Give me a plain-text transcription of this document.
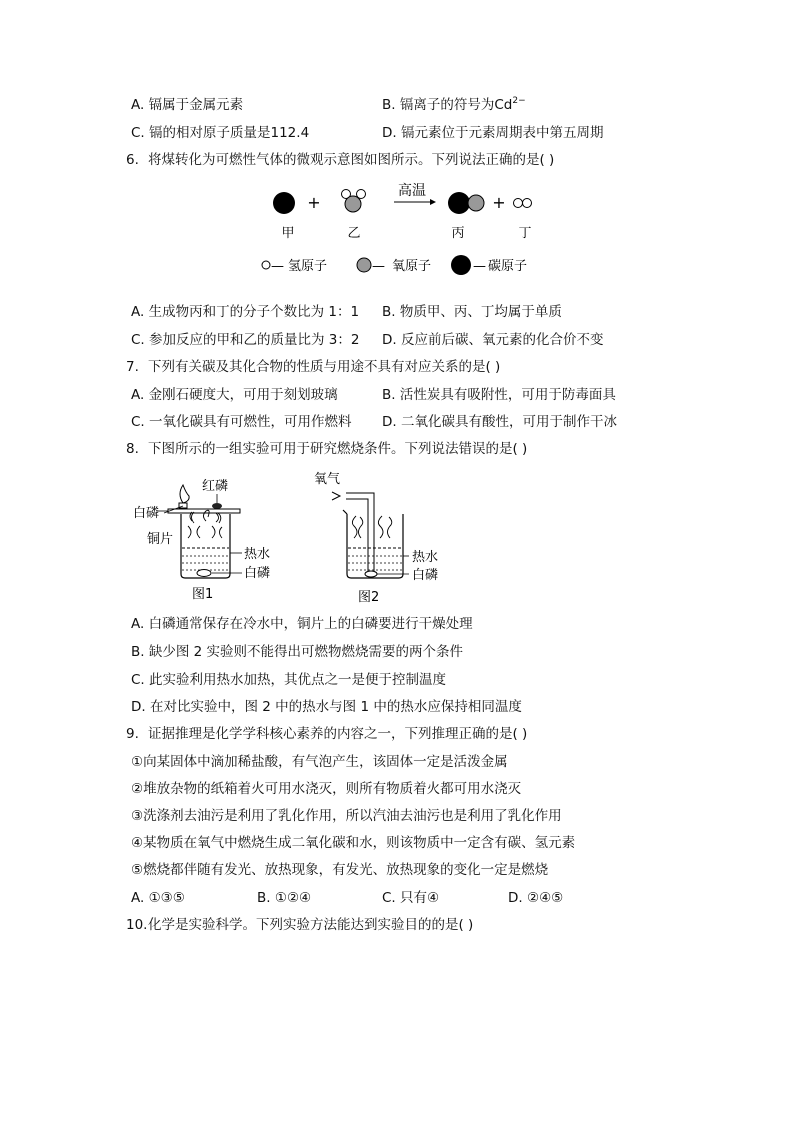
A. 镉属于金属元素	B. 镉离子的符号为$Cd^{2-}$
C. 镉的相对原子质量是112.4	D. 镉元素位于元素周期表中第五周期
6. 将煤转化为可燃性气体的微观示意图如图所示。下列说法正确的是( )
+
高温
+
甲	乙	丙	丁
— 氢原子	— 氧原子	— 碳原子
A. 生成物丙和丁的分子个数比为 1：1 B. 物质甲、丙、丁均属于单质
C. 参加反应的甲和乙的质量比为 3：2 D. 反应前后碳、氧元素的化合价不变
7. 下列有关碳及其化合物的性质与用途不具有对应关系的是( )
A. 金刚石硬度大，可用于刻划玻璃	B. 活性炭具有吸附性，可用于防毒面具
C. 一氧化碳具有可燃性，可用作燃料 D. 二氧化碳具有酸性，可用于制作干冰
8. 下图所示的一组实验可用于研究燃烧条件。下列说法错误的是( )
红磷
白磷
铜片
热水
白磷
图1
氧气
热水
白磷
图2
A. 白磷通常保存在冷水中，铜片上的白磷要进行干燥处理
B. 缺少图 2 实验则不能得出可燃物燃烧需要的两个条件
C. 此实验利用热水加热，其优点之一是便于控制温度
D. 在对比实验中，图 2 中的热水与图 1 中的热水应保持相同温度
9. 证据推理是化学学科核心素养的内容之一，下列推理正确的是( )
①向某固体中滴加稀盐酸，有气泡产生，该固体一定是活泼金属
②堆放杂物的纸箱着火可用水浇灭，则所有物质着火都可用水浇灭
③洗涤剂去油污是利用了乳化作用，所以汽油去油污也是利用了乳化作用
④某物质在氧气中燃烧生成二氧化碳和水，则该物质中一定含有碳、氢元素
⑤燃烧都伴随有发光、放热现象，有发光、放热现象的变化一定是燃烧
A. ①③⑤	B. ①②④	C. 只有④	D. ②④⑤
10.化学是实验科学。下列实验方法能达到实验目的的是( )
